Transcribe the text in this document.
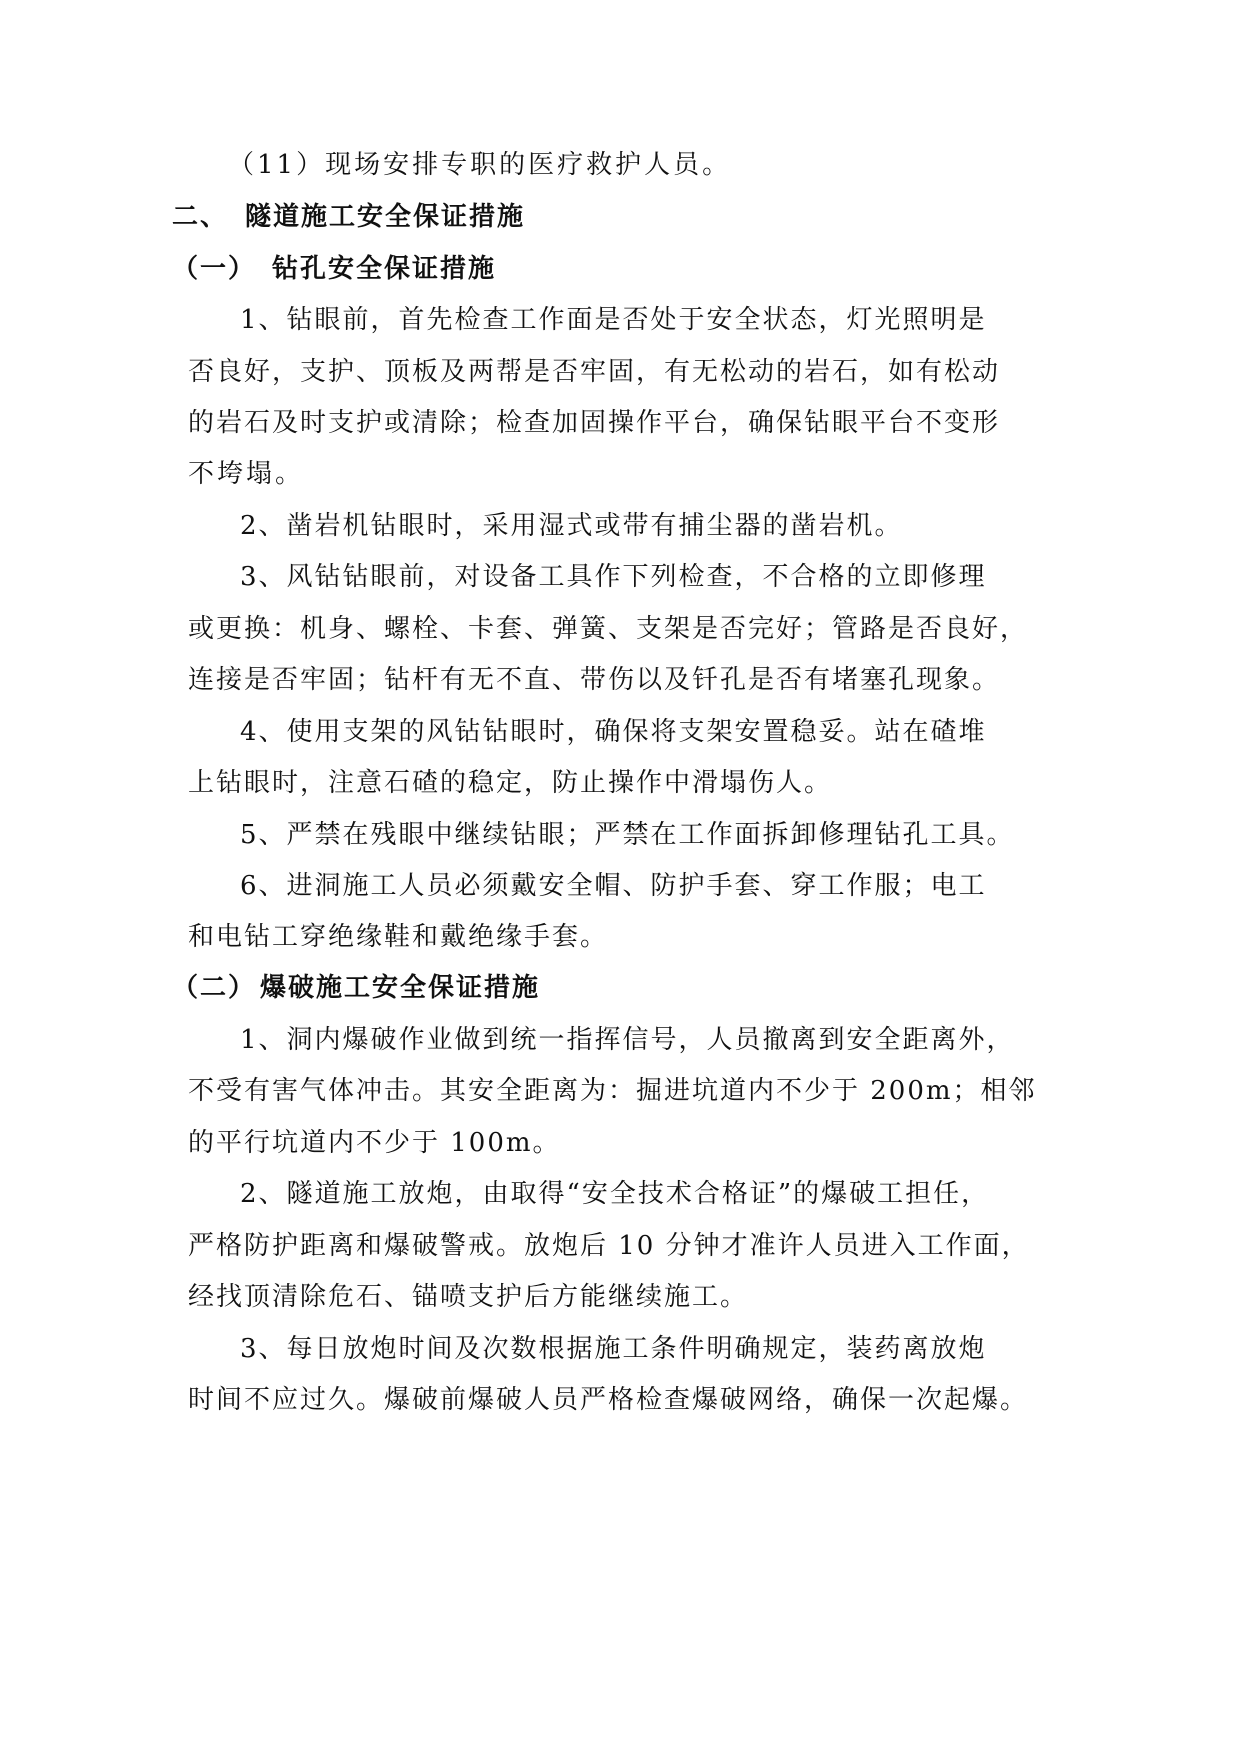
（11）现场安排专职的医疗救护人员。

二、 隧道施工安全保证措施
（一） 钻孔安全保证措施

1、钻眼前，首先检查工作面是否处于安全状态，灯光照明是

否良好，支护、顶板及两帮是否牢固，有无松动的岩石，如有松动

的岩石及时支护或清除；检查加固操作平台，确保钻眼平台不变形

不垮塌。

2、凿岩机钻眼时，采用湿式或带有捕尘器的凿岩机。

3、风钻钻眼前，对设备工具作下列检查，不合格的立即修理

或更换：机身、螺栓、卡套、弹簧、支架是否完好；管路是否良好，

连接是否牢固；钻杆有无不直、带伤以及钎孔是否有堵塞孔现象。

4、使用支架的风钻钻眼时，确保将支架安置稳妥。站在碴堆

上钻眼时，注意石碴的稳定，防止操作中滑塌伤人。

5、严禁在残眼中继续钻眼；严禁在工作面拆卸修理钻孔工具。

6、进洞施工人员必须戴安全帽、防护手套、穿工作服；电工

和电钻工穿绝缘鞋和戴绝缘手套。

（二） 爆破施工安全保证措施

1、洞内爆破作业做到统一指挥信号，人员撤离到安全距离外，

不受有害气体冲击。其安全距离为：掘进坑道内不少于 200m；相邻

的平行坑道内不少于 100m。

2、隧道施工放炮，由取得“安全技术合格证”的爆破工担任，

严格防护距离和爆破警戒。放炮后 10 分钟才准许人员进入工作面，

经找顶清除危石、锚喷支护后方能继续施工。

3、每日放炮时间及次数根据施工条件明确规定，装药离放炮

时间不应过久。爆破前爆破人员严格检查爆破网络，确保一次起爆。
